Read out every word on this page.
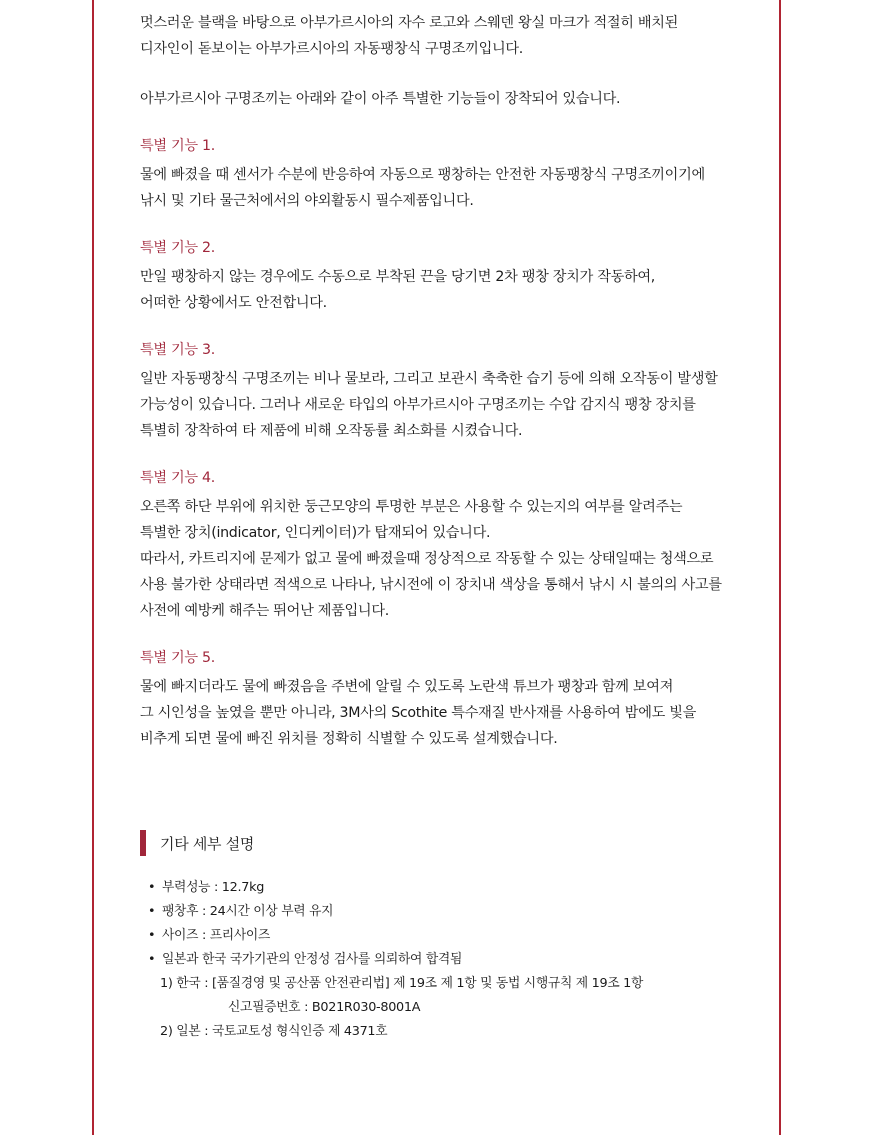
멋스러운 블랙을 바탕으로 아부가르시아의 자수 로고와 스웨덴 왕실 마크가 적절히 배치된

디자인이 돋보이는 아부가르시아의 자동팽창식 구명조끼입니다.

아부가르시아 구명조끼는 아래와 같이 아주 특별한 기능들이 장착되어 있습니다.

특별 기능 1.

물에 빠졌을 때 센서가 수분에 반응하여 자동으로 팽창하는 안전한 자동팽창식 구명조끼이기에

낚시 및 기타 물근처에서의 야외활동시 필수제품입니다.

특별 기능 2.

만일 팽창하지 않는 경우에도 수동으로 부착된 끈을 당기면 2차 팽창 장치가 작동하여,

어떠한 상황에서도 안전합니다.

특별 기능 3.

일반 자동팽창식 구명조끼는 비나 물보라, 그리고 보관시 축축한 습기 등에 의해 오작동이 발생할

가능성이 있습니다. 그러나 새로운 타입의 아부가르시아 구명조끼는 수압 감지식 팽창 장치를

특별히 장착하여 타 제품에 비해 오작동률 최소화를 시켰습니다.

특별 기능 4.

오른쪽 하단 부위에 위치한 둥근모양의 투명한 부분은 사용할 수 있는지의 여부를 알려주는

특별한 장치(indicator, 인디케이터)가 탑재되어 있습니다.

따라서, 카트리지에 문제가 없고 물에 빠졌을때 정상적으로 작동할 수 있는 상태일때는 청색으로

사용 불가한 상태라면 적색으로 나타나, 낚시전에 이 장치내 색상을 통해서 낚시 시 불의의 사고를

사전에 예방케 해주는 뛰어난 제품입니다.

특별 기능 5.

물에 빠지더라도 물에 빠졌음을 주변에 알릴 수 있도록 노란색 튜브가 팽창과 함께 보여져

그 시인성을 높였을 뿐만 아니라, 3M사의 Scothite 특수재질 반사재를 사용하여 밤에도 빛을

비추게 되면 물에 빠진 위치를 정확히 식별할 수 있도록 설계했습니다.

기타 세부 설명
• 부력성능 : 12.7kg
• 팽창후 : 24시간 이상 부력 유지
• 사이즈 : 프리사이즈
• 일본과 한국 국가기관의 안정성 검사를 의뢰하여 합격됨
1) 한국 : [품질경영 및 공산품 안전관리법] 제 19조 제 1항 및 동법 시행규칙 제 19조 1항
신고필증번호 : B021R030-8001A
2) 일본 : 국토교토성 형식인증 제 4371호
